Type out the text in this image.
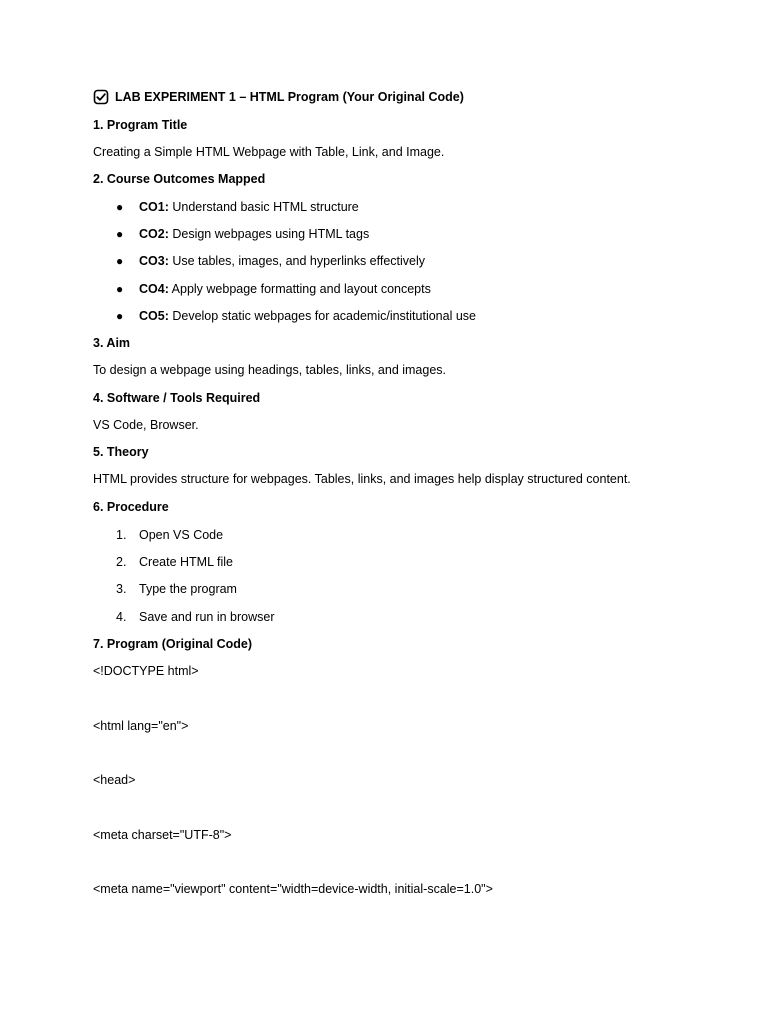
LAB EXPERIMENT 1 – HTML Program (Your Original Code)
1. Program Title
Creating a Simple HTML Webpage with Table, Link, and Image.
2. Course Outcomes Mapped
● CO1: Understand basic HTML structure
● CO2: Design webpages using HTML tags
● CO3: Use tables, images, and hyperlinks effectively
● CO4: Apply webpage formatting and layout concepts
● CO5: Develop static webpages for academic/institutional use
3. Aim
To design a webpage using headings, tables, links, and images.
4. Software / Tools Required
VS Code, Browser.
5. Theory
HTML provides structure for webpages. Tables, links, and images help display structured content.
6. Procedure
1. Open VS Code
2. Create HTML file
3. Type the program
4. Save and run in browser
7. Program (Original Code)
<!DOCTYPE html>
<html lang="en">
<head>
<meta charset="UTF-8">
<meta name="viewport" content="width=device-width, initial-scale=1.0">
